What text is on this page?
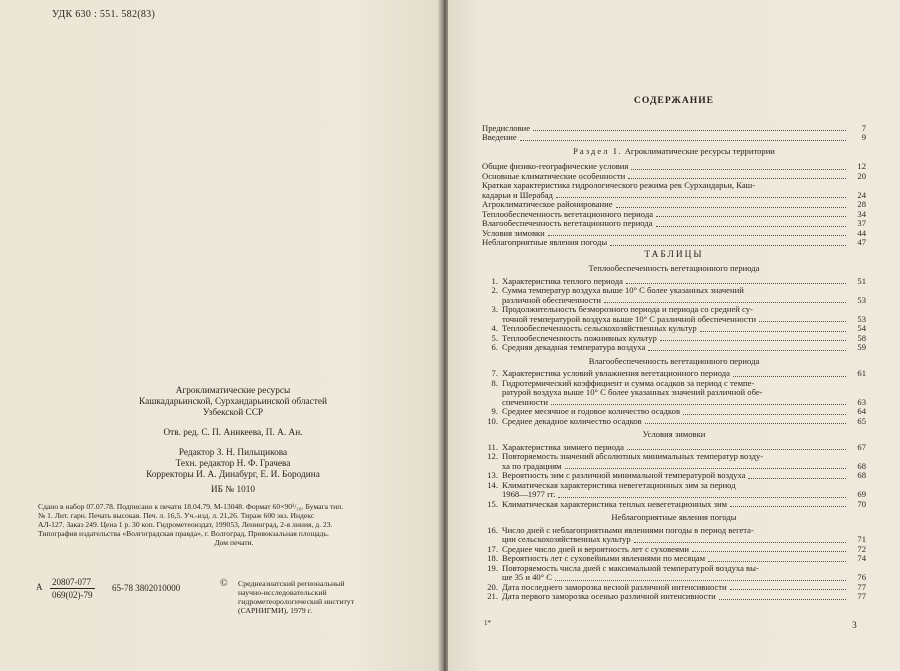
УДК 630 : 551. 582(83)
Агроклиматические ресурсы
Кашкадарьинской, Сурхандарьинской областей
Узбекской ССР
Отв. ред. С. П. Аникеева, П. А. Ан.
Редактор З. Н. Пильщикова
Техн. редактор Н. Ф. Грачева
Корректоры И. А. Динабург, Е. И. Бородина
ИБ № 1010
Сдано в набор 07.07.78. Подписано к печати 18.04.79. М-13048. Формат 60×90¹/₁₆. Бумага тип.
№ 1. Лит. гарн. Печать высокая. Печ. л. 16,5. Уч.-изд. л. 21,26. Тираж 600 экз. Индекс
АЛ-127. Заказ 249. Цена 1 р. 30 коп. Гидрометеоиздат, 199053, Ленинград, 2-я линия, д. 23.
Типография издательства «Волгоградская правда», г. Волгоград, Привокзальная площадь.
Дом печати.
А $\frac{20807-077}{069(02)-79} 65-78$ 3802010000	© Среднеазиатский региональный
научно-исследовательский
гидрометеорологический институт
(САРНИГМИ), 1979 г.
СОДЕРЖАНИЕ
Предисловие	7
Введение	9
Раздел I. Агроклиматические ресурсы территории
Общие физико-географические условия	12
Основные климатические особенности	20
Краткая характеристика гидрологического режима рек Сурхандарьи, Каш-
кадарьи и Шерабад	24
Агроклиматическое районирование	28
Теплообеспеченность вегетационного периода	34
Влагообеспеченность вегетационного периода	37
Условия зимовки	44
Неблагоприятные явления погоды	47
ТАБЛИЦЫ
Теплообеспеченность вегетационного периода
1. Характеристика теплого периода	51
2. Сумма температур воздуха выше 10° С более указанных значений
различной обеспеченности	53
3. Продолжительность безморозного периода и периода со средней су-
точной температурой воздуха выше 10° С различной обеспеченности	53
4. Теплообеспеченность сельскохозяйственных культур	54
5. Теплообеспеченность пожнивных культур	58
6. Средняя декадная температура воздуха	59
Влагообеспеченность вегетационного периода
7. Характеристика условий увлажнения вегетационного периода	61
8. Гидротермический коэффициент и сумма осадков за период с темпе-
ратурой воздуха выше 10° С более указанных значений различной обе-
спеченности	63
9. Среднее месячное и годовое количество осадков	64
10. Среднее декадное количество осадков	65
Условия зимовки
11. Характеристика зимнего периода	67
12. Повторяемость значений абсолютных минимальных температур возду-
ха по градациям	68
13. Вероятность зим с различной минимальной температурой воздуха	68
14. Климатическая характеристика невегетационных зим за период
1968—1977 гг.	69
15. Климатическая характеристика теплых невегетационных зим	70
Неблагоприятные явления погоды
16. Число дней с неблагоприятными явлениями погоды в период вегета-
ции сельскохозяйственных культур	71
17. Среднее число дней и вероятность лет с суховеями	72
18. Вероятность лет с суховейными явлениями по месяцам	74
19. Повторяемость числа дней с максимальной температурой воздуха вы-
ше 35 и 40° С	76
20. Дата последнего заморозка весной различной интенсивности	77
21. Дата первого заморозка осенью различной интенсивности	77
1*	3
